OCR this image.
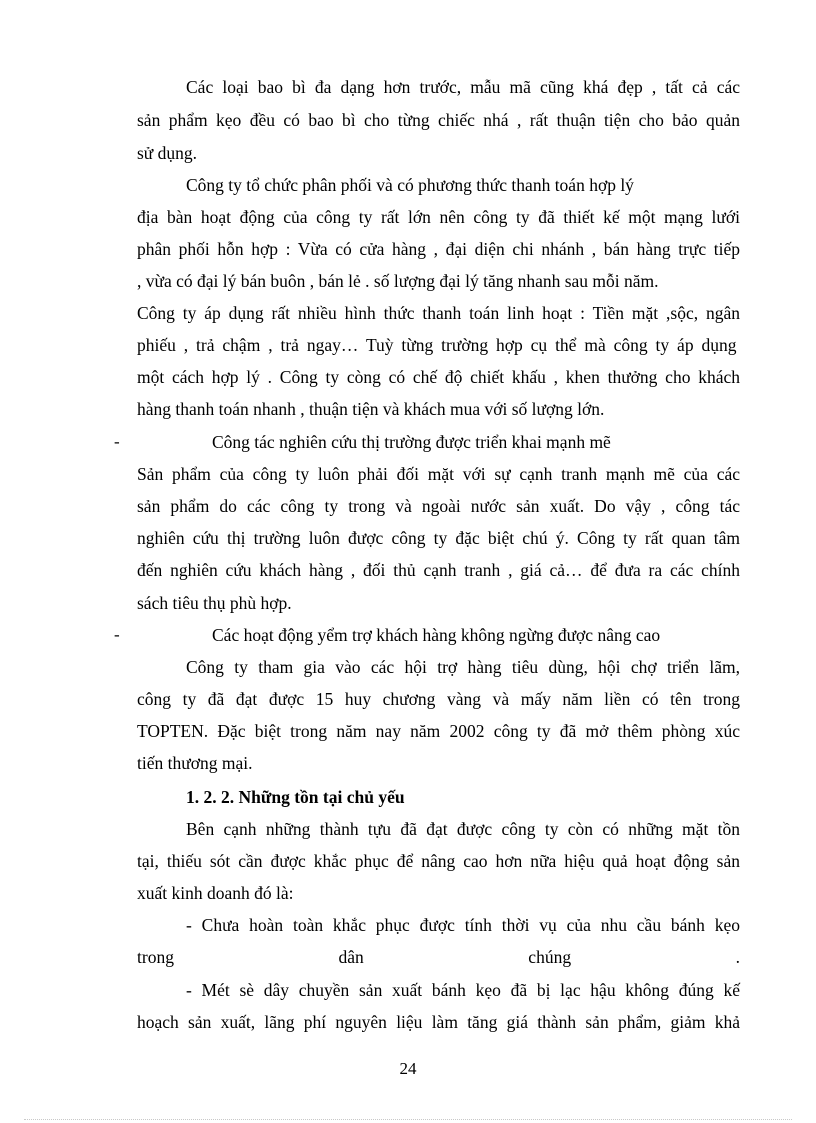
Các loại bao bì đa dạng hơn trước, mẫu mã cũng khá đẹp , tất cả các
sản phẩm kẹo đều có bao bì cho từng chiếc nhá , rất thuận tiện cho bảo quản
sử dụng.
Công ty tổ chức phân phối và có phương thức thanh toán hợp lý
địa bàn hoạt động của công ty rất lớn nên công ty đã thiết kế một mạng lưới
phân phối hỗn hợp : Vừa có cửa hàng , đại diện chi nhánh , bán hàng trực tiếp
, vừa có đại lý bán buôn , bán lẻ . số lượng đại lý tăng nhanh sau mỗi năm.
Công ty áp dụng rất nhiều hình thức thanh toán linh hoạt : Tiền mặt ,sộc, ngân
phiếu , trả chậm , trả ngay… Tuỳ từng trường hợp cụ thể mà công ty áp dụng
một cách hợp lý . Công ty còng có chế độ chiết khấu , khen thưởng cho khách
hàng thanh toán nhanh , thuận tiện và khách mua với số lượng lớn.
-	Công tác nghiên cứu thị trường được triển khai mạnh mẽ
Sản phẩm của công ty luôn phải đối mặt với sự cạnh tranh mạnh mẽ của các
sản phẩm do các công ty trong và ngoài nước sản xuất. Do vậy , công tác
nghiên cứu thị trường luôn được công ty đặc biệt chú ý. Công ty rất quan tâm
đến nghiên cứu khách hàng , đối thủ cạnh tranh , giá cả… để đưa ra các chính
sách tiêu thụ phù hợp.
-	Các hoạt động yểm trợ khách hàng không ngừng được nâng cao
Công ty tham gia vào các hội trợ hàng tiêu dùng, hội chợ triển lãm,
công ty đã đạt được 15 huy chương vàng và mấy năm liền có tên trong
TOPTEN. Đặc biệt trong năm nay năm 2002 công ty đã mở thêm phòng xúc
tiến thương mại.
1. 2. 2. Những tồn tại chủ yếu
Bên cạnh những thành tựu đã đạt được công ty còn có những mặt tồn
tại, thiếu sót cần được khắc phục để nâng cao hơn nữa hiệu quả hoạt động sản
xuất kinh doanh đó là:
- Chưa hoàn toàn khắc phục được tính thời vụ của nhu cầu bánh kẹo
trong	dân	chúng	.
- Mét sè dây chuyền sản xuất bánh kẹo đã bị lạc hậu không đúng kế
hoạch sản xuất, lãng phí nguyên liệu làm tăng giá thành sản phẩm, giảm khả
24
